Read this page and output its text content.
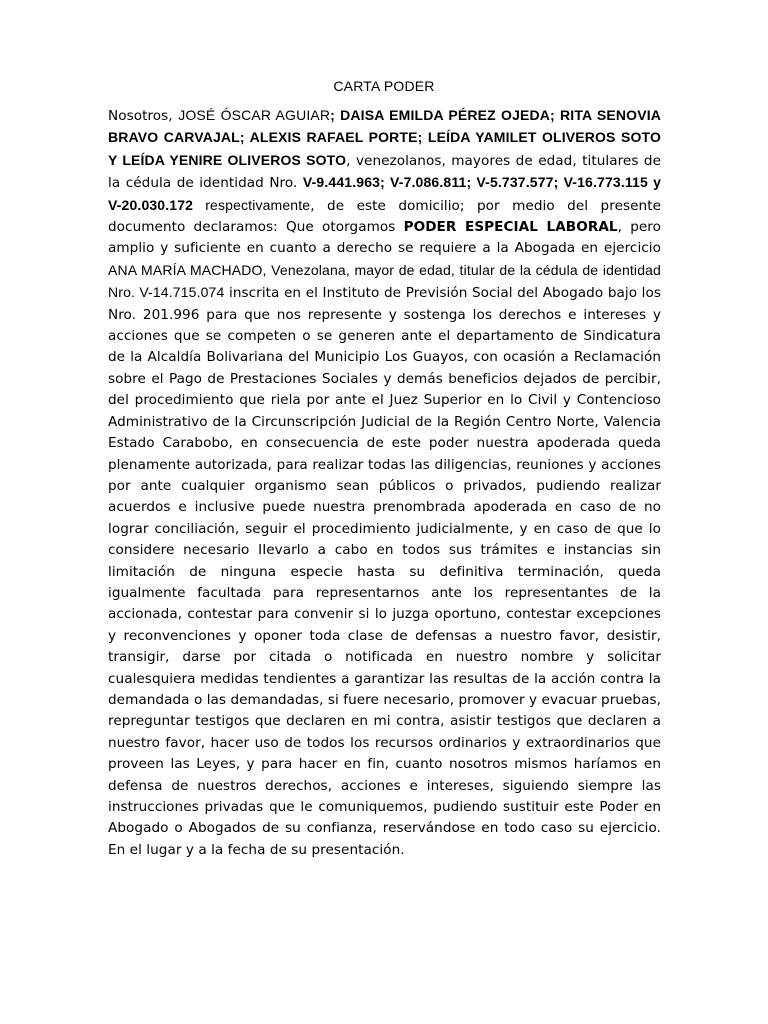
CARTA PODER

Nosotros, JOSÉ ÓSCAR AGUIAR; DAISA EMILDA PÉREZ OJEDA; RITA SENOVIA BRAVO CARVAJAL; ALEXIS RAFAEL PORTE; LEÍDA YAMILET OLIVEROS SOTO Y LEÍDA YENIRE OLIVEROS SOTO, venezolanos, mayores de edad, titulares de la cédula de identidad Nro. V-9.441.963; V-7.086.811; V-5.737.577; V-16.773.115 y V-20.030.172 respectivamente, de este domicilio; por medio del presente documento declaramos: Que otorgamos PODER ESPECIAL LABORAL, pero amplio y suficiente en cuanto a derecho se requiere a la Abogada en ejercicio ANA MARÍA MACHADO, Venezolana, mayor de edad, titular de la cédula de identidad Nro. V-14.715.074 inscrita en el Instituto de Previsión Social del Abogado bajo los Nro. 201.996 para que nos represente y sostenga los derechos e intereses y acciones que se competen o se generen ante el departamento de Sindicatura de la Alcaldía Bolivariana del Municipio Los Guayos, con ocasión a Reclamación sobre el Pago de Prestaciones Sociales y demás beneficios dejados de percibir, del procedimiento que riela por ante el Juez Superior en lo Civil y Contencioso Administrativo de la Circunscripción Judicial de la Región Centro Norte, Valencia Estado Carabobo, en consecuencia de este poder nuestra apoderada queda plenamente autorizada, para realizar todas las diligencias, reuniones y acciones por ante cualquier organismo sean públicos o privados, pudiendo realizar acuerdos e inclusive puede nuestra prenombrada apoderada en caso de no lograr conciliación, seguir el procedimiento judicialmente, y en caso de que lo considere necesario IIevarlo a cabo en todos sus trámites e instancias sin limitación de ninguna especie hasta su definitiva terminación, queda igualmente facultada para representarnos ante los representantes de la accionada, contestar para convenir si lo juzga oportuno, contestar excepciones y reconvenciones y oponer toda clase de defensas a nuestro favor, desistir, transigir, darse por citada o notificada en nuestro nombre y solicitar cualesquiera medidas tendientes a garantizar las resultas de la acción contra la demandada o las demandadas, si fuere necesario, promover y evacuar pruebas, repreguntar testigos que declaren en mi contra, asistir testigos que declaren a nuestro favor, hacer uso de todos los recursos ordinarios y extraordinarios que proveen las Leyes, y para hacer en fin, cuanto nosotros mismos haríamos en defensa de nuestros derechos, acciones e intereses, siguiendo siempre las instrucciones privadas que le comuniquemos, pudiendo sustituir este Poder en Abogado o Abogados de su confianza, reservándose en todo caso su ejercicio. En el lugar y a la fecha de su presentación.
